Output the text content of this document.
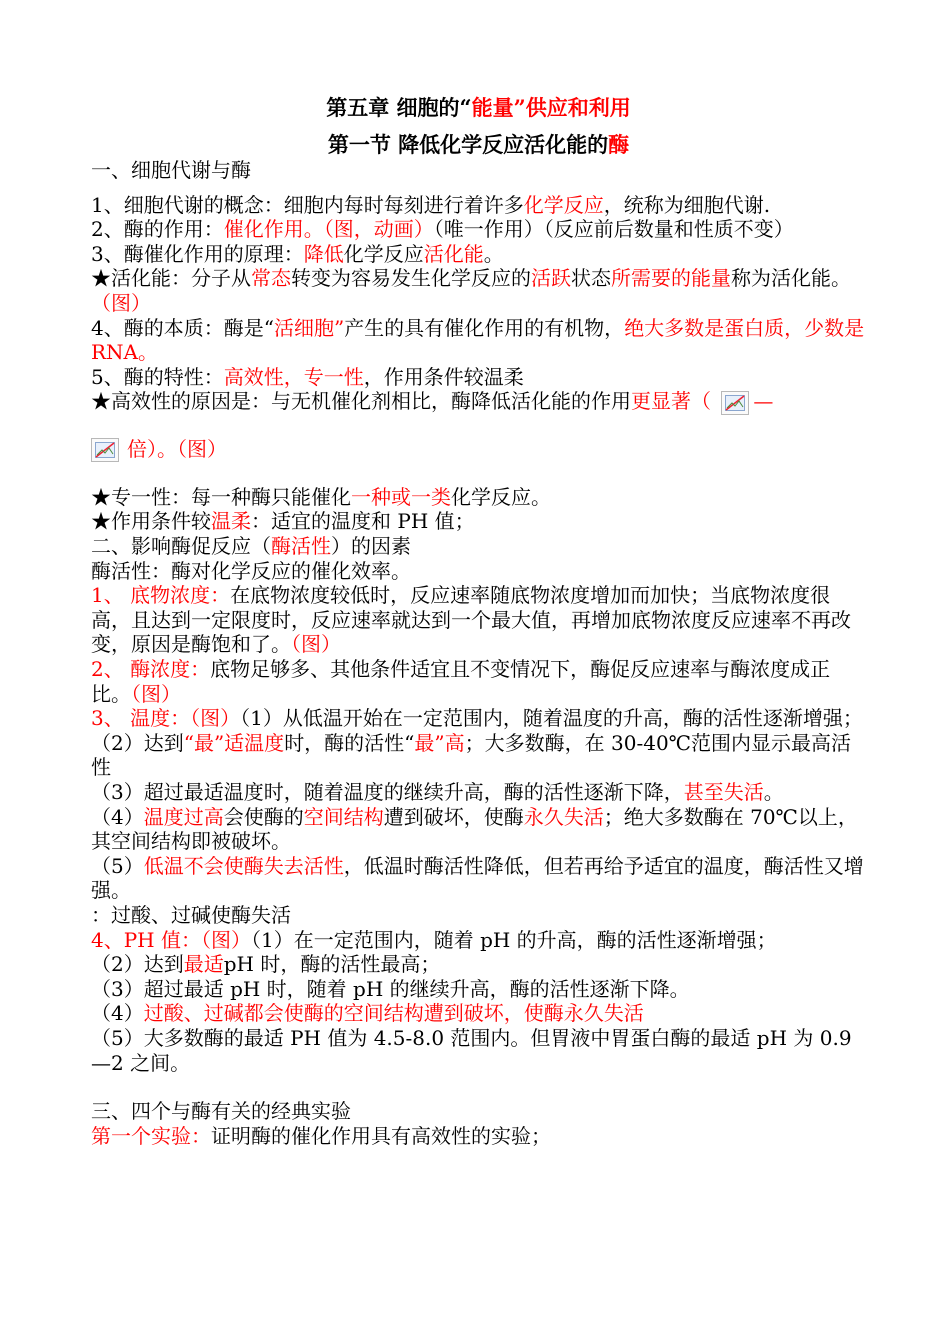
第五章 细胞的“能量”供应和利用
第一节 降低化学反应活化能的酶

一、细胞代谢与酶

1、细胞代谢的概念：细胞内每时每刻进行着许多化学反应，统称为细胞代谢.

2、酶的作用：催化作用。（图，动画）（唯一作用）（反应前后数量和性质不变）

3、酶催化作用的原理：降低化学反应活化能。

★活化能：分子从常态转变为容易发生化学反应的活跃状态所需要的能量称为活化能。（图）

4、酶的本质：酶是“活细胞”产生的具有催化作用的有机物，绝大多数是蛋白质，少数是RNA。

5、酶的特性：高效性，专一性，作用条件较温柔

★高效性的原因是：与无机催化剂相比，酶降低活化能的作用更显著（ —

倍）。（图）

★专一性：每一种酶只能催化一种或一类化学反应。

★作用条件较温柔：适宜的温度和 PH 值；

二、影响酶促反应（酶活性）的因素

酶活性：酶对化学反应的催化效率。

1、 底物浓度：在底物浓度较低时，反应速率随底物浓度增加而加快；当底物浓度很高，且达到一定限度时，反应速率就达到一个最大值，再增加底物浓度反应速率不再改变，原因是酶饱和了。（图）

2、 酶浓度：底物足够多、其他条件适宜且不变情况下，酶促反应速率与酶浓度成正比。（图）

3、 温度：（图）（1）从低温开始在一定范围内，随着温度的升高，酶的活性逐渐增强；

（2）达到“最”适温度时，酶的活性“最”高；大多数酶，在 30-40℃范围内显示最高活性

（3）超过最适温度时，随着温度的继续升高，酶的活性逐渐下降，甚至失活。

（4）温度过高会使酶的空间结构遭到破坏，使酶永久失活；绝大多数酶在 70℃以上，其空间结构即被破坏。

（5）低温不会使酶失去活性，低温时酶活性降低，但若再给予适宜的温度，酶活性又增强。

：过酸、过碱使酶失活

4、PH 值：（图）（1）在一定范围内，随着 pH 的升高，酶的活性逐渐增强；

（2）达到最适pH 时，酶的活性最高；

（3）超过最适 pH 时，随着 pH 的继续升高，酶的活性逐渐下降。

（4）过酸、过碱都会使酶的空间结构遭到破坏，使酶永久失活

（5）大多数酶的最适 PH 值为 4.5-8.0 范围内。但胃液中胃蛋白酶的最适 pH 为 0.9—2 之间。

三、四个与酶有关的经典实验

第一个实验：证明酶的催化作用具有高效性的实验；
